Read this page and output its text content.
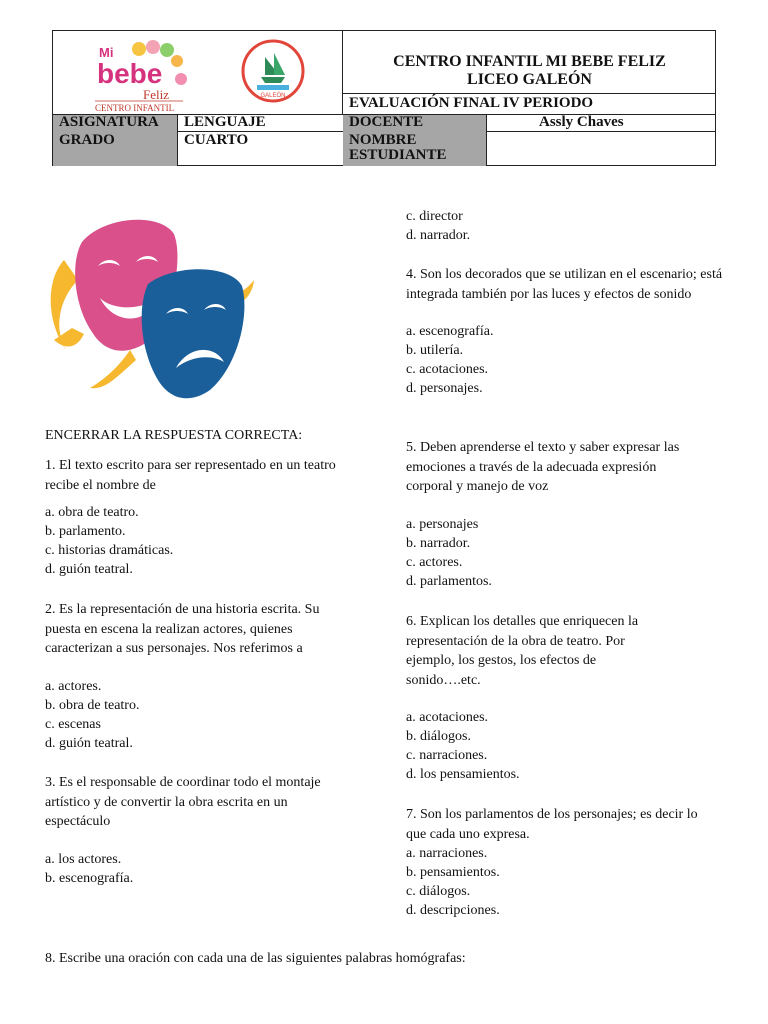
Mi
bebe
Feliz
CENTRO INFANTIL
GALEÓN
CENTRO INFANTIL MI BEBE FELIZ
LICEO GALEÓN
EVALUACIÓN FINAL IV PERIODO
ASIGNATURA LENGUAJE	DOCENTE	Assly Chaves
GRADO	CUARTO	NOMBRE
ESTUDIANTE
ENCERRAR LA RESPUESTA CORRECTA:

1. El texto escrito para ser representado en un teatro recibe el nombre de

a. obra de teatro.
b. parlamento.
c. historias dramáticas.
d. guión teatral.

2. Es la representación de una historia escrita. Su puesta en escena la realizan actores, quienes caracterizan a sus personajes. Nos referimos a

a. actores.
b. obra de teatro.
c. escenas
d. guión teatral.

3. Es el responsable de coordinar todo el montaje artístico y de convertir la obra escrita en un espectáculo

a. los actores.
b. escenografía.
c. director
d. narrador.

4. Son los decorados que se utilizan en el escenario; está integrada también por las luces y efectos de sonido

a. escenografía.
b. utilería.
c. acotaciones.
d. personajes.

5. Deben aprenderse el texto y saber expresar las emociones a través de la adecuada expresión corporal y manejo de voz

a. personajes
b. narrador.
c. actores.
d. parlamentos.

6. Explican los detalles que enriquecen la representación de la obra de teatro. Por ejemplo, los gestos, los efectos de sonido….etc.

a. acotaciones.
b. diálogos.
c. narraciones.
d. los pensamientos.

7. Son los parlamentos de los personajes; es decir lo que cada uno expresa.

a. narraciones.
b. pensamientos.
c. diálogos.
d. descripciones.
8. Escribe una oración con cada una de las siguientes palabras homógrafas:
